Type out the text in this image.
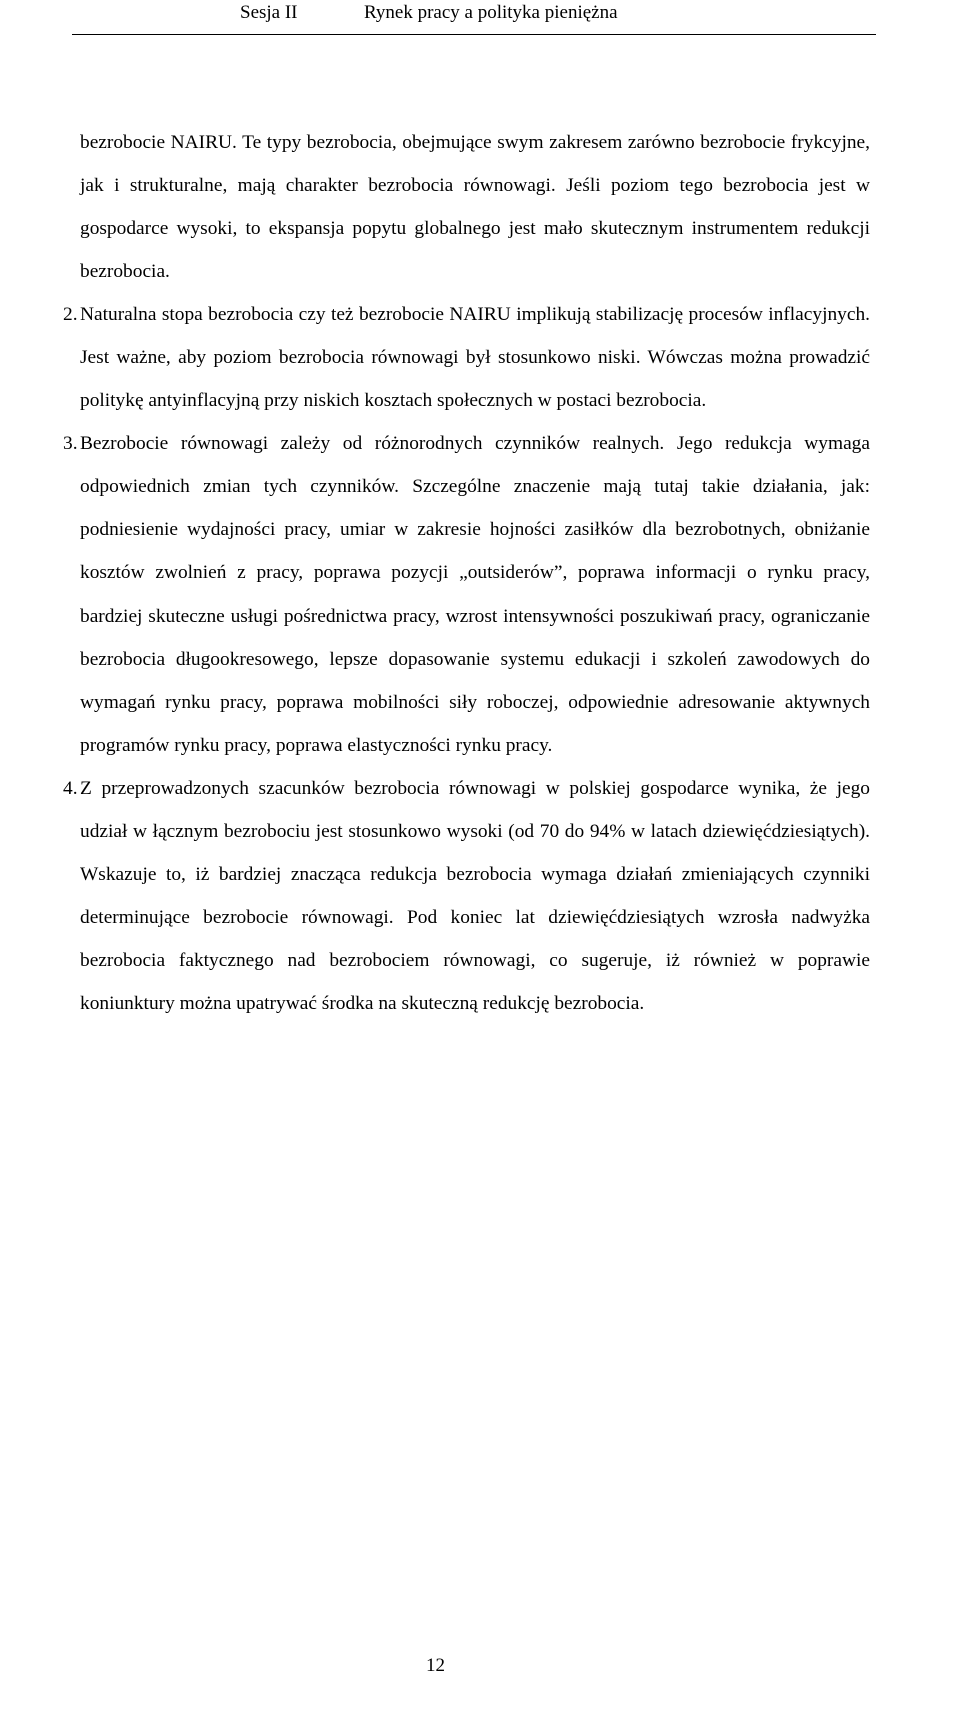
Sesja II	Rynek pracy a polityka pieniężna

bezrobocie NAIRU. Te typy bezrobocia, obejmujące swym zakresem zarówno bezrobocie frykcyjne, jak i strukturalne, mają charakter bezrobocia równowagi. Jeśli poziom tego bezrobocia jest w gospodarce wysoki, to ekspansja popytu globalnego jest mało skutecznym instrumentem redukcji bezrobocia.

2. Naturalna stopa bezrobocia czy też bezrobocie NAIRU implikują stabilizację procesów inflacyjnych. Jest ważne, aby poziom bezrobocia równowagi był stosunkowo niski. Wówczas można prowadzić politykę antyinflacyjną przy niskich kosztach społecznych w postaci bezrobocia.

3. Bezrobocie równowagi zależy od różnorodnych czynników realnych. Jego redukcja wymaga odpowiednich zmian tych czynników. Szczególne znaczenie mają tutaj takie działania, jak: podniesienie wydajności pracy, umiar w zakresie hojności zasiłków dla bezrobotnych, obniżanie kosztów zwolnień z pracy, poprawa pozycji „outsiderów”, poprawa informacji o rynku pracy, bardziej skuteczne usługi pośrednictwa pracy, wzrost intensywności poszukiwań pracy, ograniczanie bezrobocia długookresowego, lepsze dopasowanie systemu edukacji i szkoleń zawodowych do wymagań rynku pracy, poprawa mobilności siły roboczej, odpowiednie adresowanie aktywnych programów rynku pracy, poprawa elastyczności rynku pracy.

4. Z przeprowadzonych szacunków bezrobocia równowagi w polskiej gospodarce wynika, że jego udział w łącznym bezrobociu jest stosunkowo wysoki (od 70 do 94% w latach dziewięćdziesiątych). Wskazuje to, iż bardziej znacząca redukcja bezrobocia wymaga działań zmieniających czynniki determinujące bezrobocie równowagi. Pod koniec lat dziewięćdziesiątych wzrosła nadwyżka bezrobocia faktycznego nad bezrobociem równowagi, co sugeruje, iż również w poprawie koniunktury można upatrywać środka na skuteczną redukcję bezrobocia.

12
